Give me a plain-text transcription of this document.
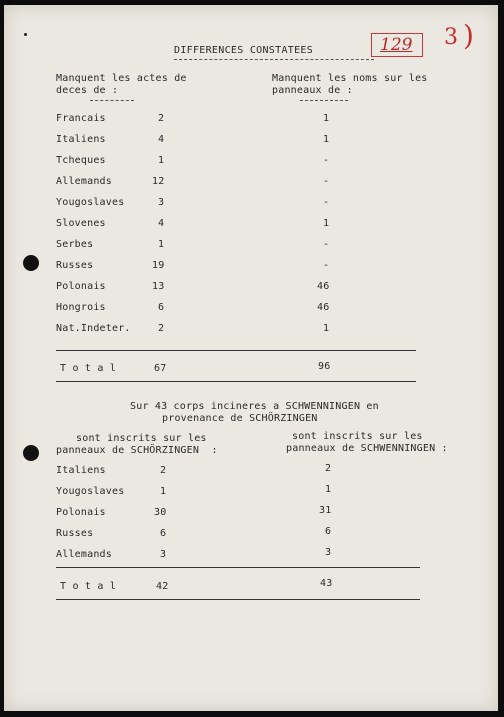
DIFFERENCES CONSTATEES	129 3 )
Manquent les actes de
deces de :
Manquent les noms sur les
panneaux de :
Francais	2	1
Italiens	4	1
Tcheques	1	-
Allemands	12	-
Yougoslaves	3	-
Slovenes	4	1
Serbes	1	-
Russes	19	-
Polonais	13	46
Hongrois	6	46
Nat.Indeter.	2	1
T o t a l	67	96
Sur 43 corps incineres a SCHWENNINGEN en
provenance de SCHÖRZINGEN
sont inscrits sur les
panneaux de SCHÖRZINGEN  :
sont inscrits sur les
panneaux de SCHWENNINGEN :
Italiens	2	2
Yougoslaves	1	1
Polonais	30	31
Russes	6	6
Allemands	3	3
T o t a l	42	43
